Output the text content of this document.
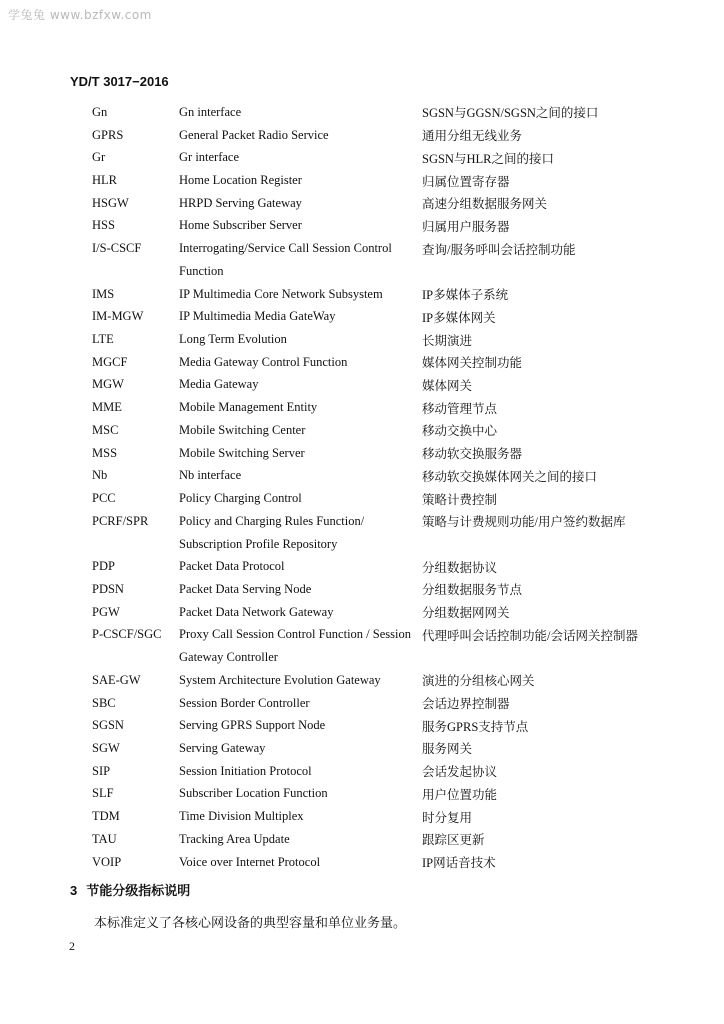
学兔兔 www.bzfxw.com
YD/T 3017−2016
Gn	Gn interface	SGSN与GGSN/SGSN之间的接口
GPRS	General Packet Radio Service	通用分组无线业务
Gr	Gr interface	SGSN与HLR之间的接口
HLR	Home Location Register	归属位置寄存器
HSGW	HRPD Serving Gateway	高速分组数据服务网关
HSS	Home Subscriber Server	归属用户服务器
I/S-CSCF	Interrogating/Service Call Session Control	查询/服务呼叫会话控制功能
	Function	
IMS	IP Multimedia Core Network Subsystem	IP多媒体子系统
IM-MGW	IP Multimedia Media GateWay	IP多媒体网关
LTE	Long Term Evolution	长期演进
MGCF	Media Gateway Control Function	媒体网关控制功能
MGW	Media Gateway	媒体网关
MME	Mobile Management Entity	移动管理节点
MSC	Mobile Switching Center	移动交换中心
MSS	Mobile Switching Server	移动软交换服务器
Nb	Nb interface	移动软交换媒体网关之间的接口
PCC	Policy Charging Control	策略计费控制
PCRF/SPR	Policy and Charging Rules Function/	策略与计费规则功能/用户签约数据库
	Subscription Profile Repository	
PDP	Packet Data Protocol	分组数据协议
PDSN	Packet Data Serving Node	分组数据服务节点
PGW	Packet Data Network Gateway	分组数据网网关
P-CSCF/SGC	Proxy Call Session Control Function / Session	代理呼叫会话控制功能/会话网关控制器
	Gateway Controller	
SAE-GW	System Architecture Evolution Gateway	演进的分组核心网关
SBC	Session Border Controller	会话边界控制器
SGSN	Serving GPRS Support Node	服务GPRS支持节点
SGW	Serving Gateway	服务网关
SIP	Session Initiation Protocol	会话发起协议
SLF	Subscriber Location Function	用户位置功能
TDM	Time Division Multiplex	时分复用
TAU	Tracking Area Update	跟踪区更新
VOIP	Voice over Internet Protocol	IP网话音技术
3 节能分级指标说明
本标准定义了各核心网设备的典型容量和单位业务量。
2
